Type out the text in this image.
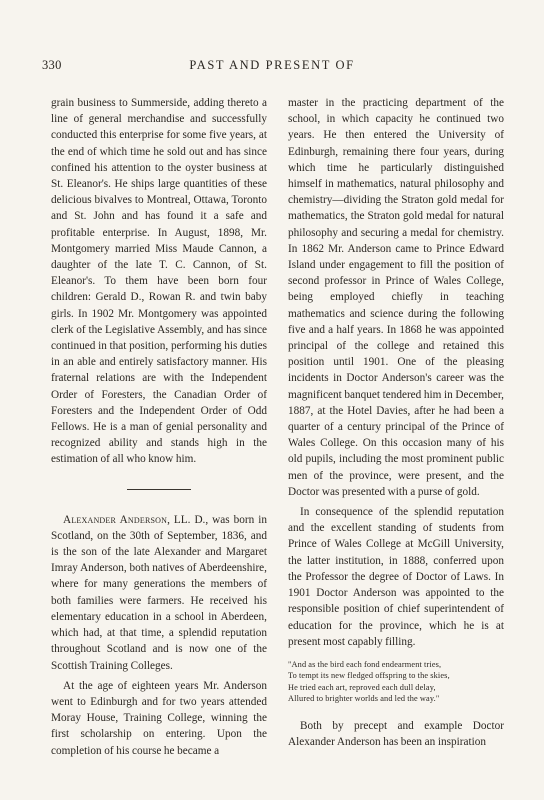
330	PAST AND PRESENT OF

grain business to Summerside, adding thereto a line of general merchandise and successfully conducted this enterprise for some five years, at the end of which time he sold out and has since confined his attention to the oyster business at St. Eleanor's. He ships large quantities of these delicious bivalves to Montreal, Ottawa, Toronto and St. John and has found it a safe and profitable enterprise. In August, 1898, Mr. Montgomery married Miss Maude Cannon, a daughter of the late T. C. Cannon, of St. Eleanor's. To them have been born four children: Gerald D., Rowan R. and twin baby girls. In 1902 Mr. Montgomery was appointed clerk of the Legislative Assembly, and has since continued in that position, performing his duties in an able and entirely satisfactory manner. His fraternal relations are with the Independent Order of Foresters, the Canadian Order of Foresters and the Independent Order of Odd Fellows. He is a man of genial personality and recognized ability and stands high in the estimation of all who know him.

Alexander Anderson, LL. D., was born in Scotland, on the 30th of September, 1836, and is the son of the late Alexander and Margaret Imray Anderson, both natives of Aberdeenshire, where for many generations the members of both families were farmers. He received his elementary education in a school in Aberdeen, which had, at that time, a splendid reputation throughout Scotland and is now one of the Scottish Training Colleges.

At the age of eighteen years Mr. Anderson went to Edinburgh and for two years attended Moray House, Training College, winning the first scholarship on entering. Upon the completion of his course he became a

master in the practicing department of the school, in which capacity he continued two years. He then entered the University of Edinburgh, remaining there four years, during which time he particularly distinguished himself in mathematics, natural philosophy and chemistry—dividing the Straton gold medal for mathematics, the Straton gold medal for natural philosophy and securing a medal for chemistry. In 1862 Mr. Anderson came to Prince Edward Island under engagement to fill the position of second professor in Prince of Wales College, being employed chiefly in teaching mathematics and science during the following five and a half years. In 1868 he was appointed principal of the college and retained this position until 1901. One of the pleasing incidents in Doctor Anderson's career was the magnificent banquet tendered him in December, 1887, at the Hotel Davies, after he had been a quarter of a century principal of the Prince of Wales College. On this occasion many of his old pupils, including the most prominent public men of the province, were present, and the Doctor was presented with a purse of gold.

In consequence of the splendid reputation and the excellent standing of students from Prince of Wales College at McGill University, the latter institution, in 1888, conferred upon the Professor the degree of Doctor of Laws. In 1901 Doctor Anderson was appointed to the responsible position of chief superintendent of education for the province, which he is at present most capably filling.

"And as the bird each fond endearment tries,
To tempt its new fledged offspring to the skies,
He tried each art, reproved each dull delay,
Allured to brighter worlds and led the way."

Both by precept and example Doctor Alexander Anderson has been an inspiration
